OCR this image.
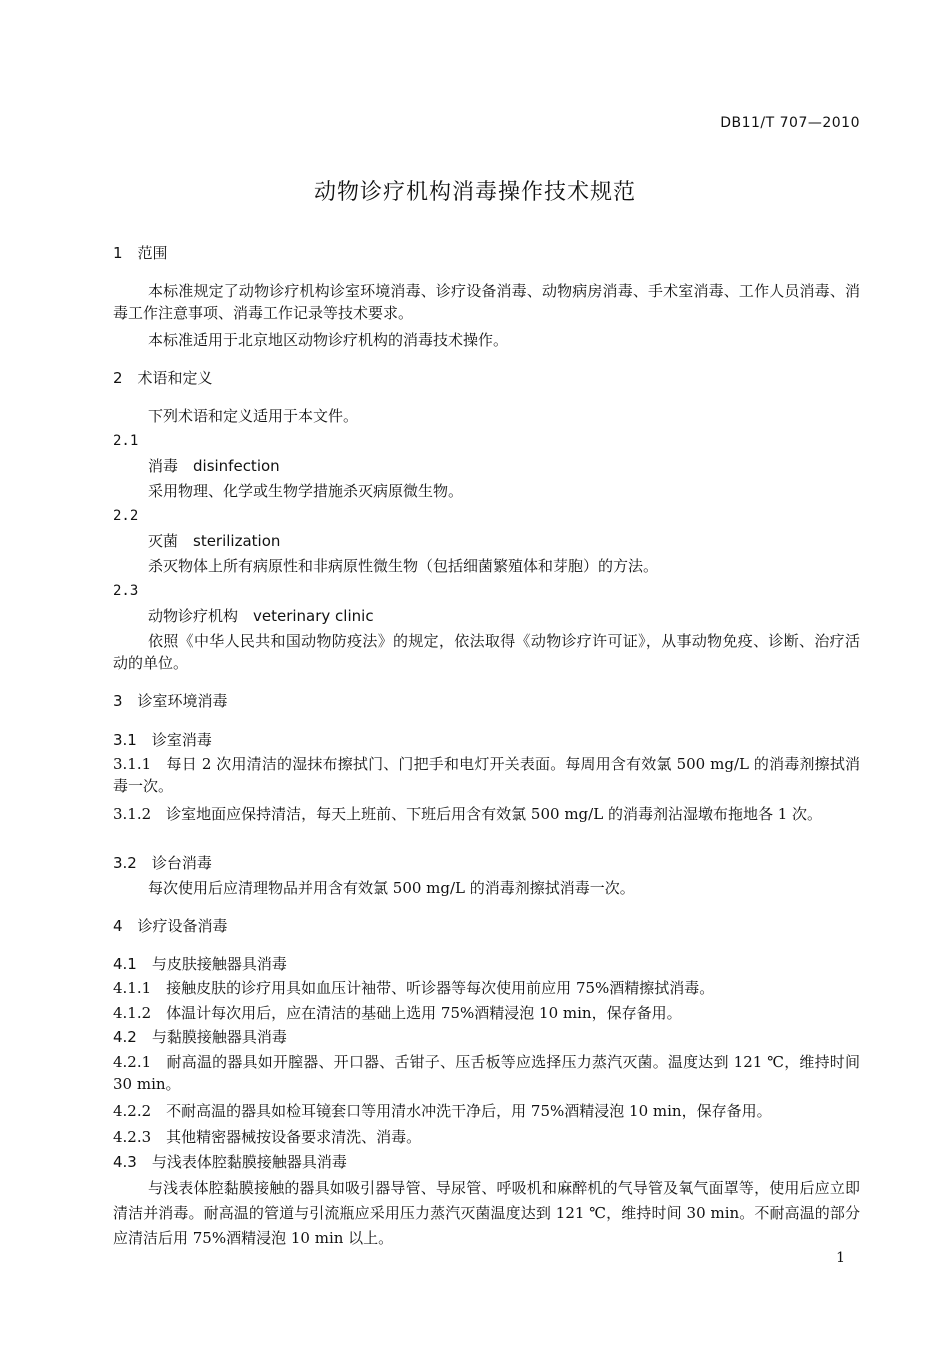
DB11/T 707—2010
动物诊疗机构消毒操作技术规范
1　范围
本标准规定了动物诊疗机构诊室环境消毒、诊疗设备消毒、动物病房消毒、手术室消毒、工作人员消毒、消毒工作注意事项、消毒工作记录等技术要求。
本标准适用于北京地区动物诊疗机构的消毒技术操作。
2　术语和定义
下列术语和定义适用于本文件。
2.1
消毒　disinfection
采用物理、化学或生物学措施杀灭病原微生物。
2.2
灭菌　sterilization
杀灭物体上所有病原性和非病原性微生物（包括细菌繁殖体和芽胞）的方法。
2.3
动物诊疗机构　veterinary clinic
依照《中华人民共和国动物防疫法》的规定，依法取得《动物诊疗许可证》，从事动物免疫、诊断、治疗活动的单位。
3　诊室环境消毒
3.1　诊室消毒
3.1.1　每日 2 次用清洁的湿抹布擦拭门、门把手和电灯开关表面。每周用含有效氯 500 mg/L 的消毒剂擦拭消毒一次。
3.1.2　诊室地面应保持清洁，每天上班前、下班后用含有效氯 500 mg/L 的消毒剂沾湿墩布拖地各 1 次。
3.2　诊台消毒
每次使用后应清理物品并用含有效氯 500 mg/L 的消毒剂擦拭消毒一次。
4　诊疗设备消毒
4.1　与皮肤接触器具消毒
4.1.1　接触皮肤的诊疗用具如血压计袖带、听诊器等每次使用前应用 75%酒精擦拭消毒。
4.1.2　体温计每次用后，应在清洁的基础上选用 75%酒精浸泡 10 min，保存备用。
4.2　与黏膜接触器具消毒
4.2.1　耐高温的器具如开膣器、开口器、舌钳子、压舌板等应选择压力蒸汽灭菌。温度达到 121 ℃，维持时间 30 min。
4.2.2　不耐高温的器具如检耳镜套口等用清水冲洗干净后，用 75%酒精浸泡 10 min，保存备用。
4.2.3　其他精密器械按设备要求清洗、消毒。
4.3　与浅表体腔黏膜接触器具消毒
与浅表体腔黏膜接触的器具如吸引器导管、导尿管、呼吸机和麻醉机的气导管及氧气面罩等，使用后应立即清洁并消毒。耐高温的管道与引流瓶应采用压力蒸汽灭菌温度达到 121 ℃，维持时间 30 min。不耐高温的部分应清洁后用 75%酒精浸泡 10 min 以上。
1
